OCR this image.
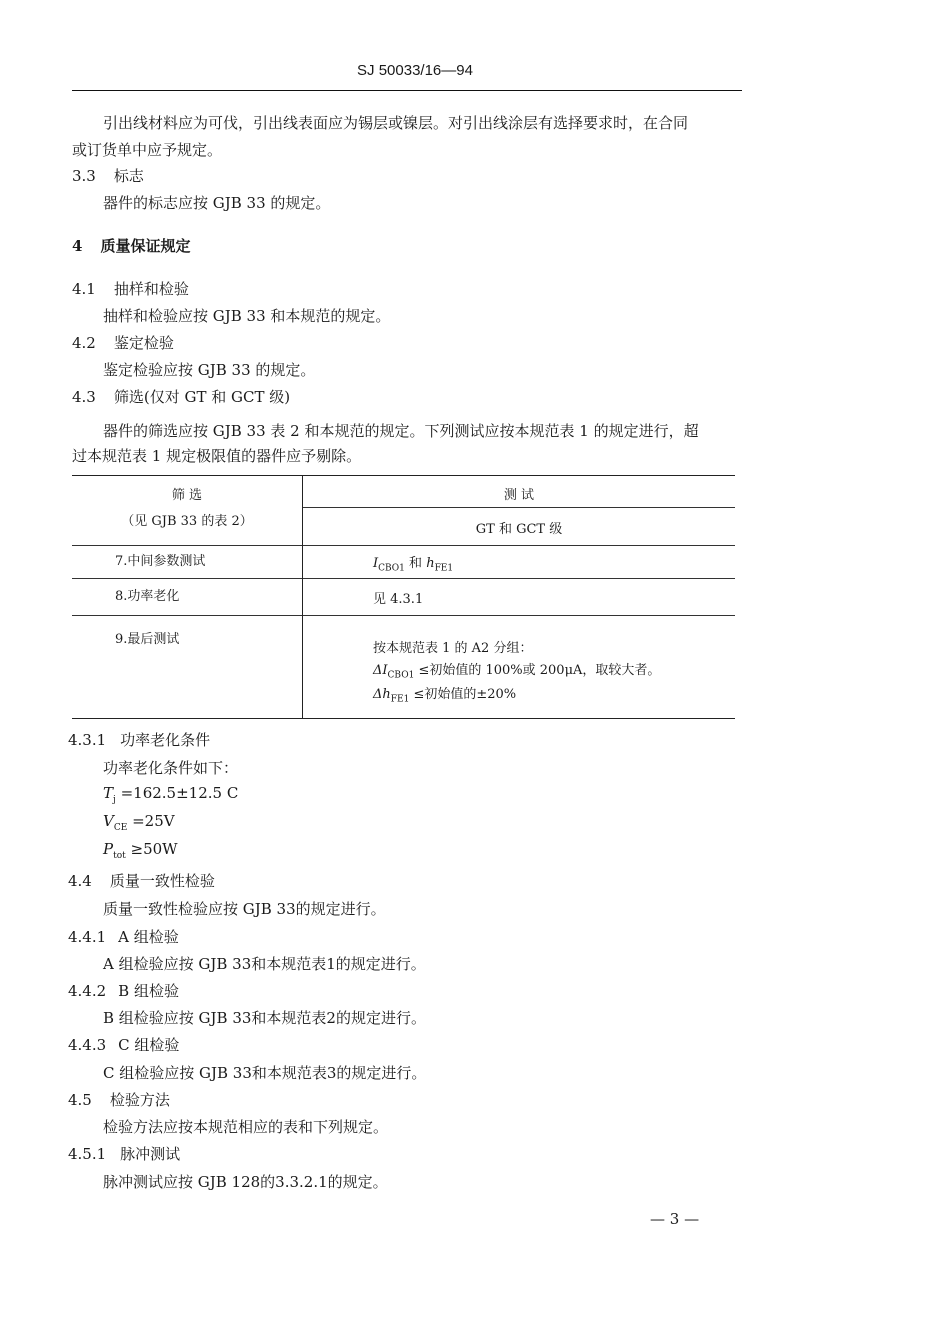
SJ 50033/16—94
引出线材料应为可伐，引出线表面应为锡层或镍层。对引出线涂层有选择要求时，在合同
或订货单中应予规定。
3.3 标志
器件的标志应按 GJB 33 的规定。
4 质量保证规定
4.1 抽样和检验
抽样和检验应按 GJB 33 和本规范的规定。
4.2 鉴定检验
鉴定检验应按 GJB 33 的规定。
4.3 筛选(仅对 GT 和 GCT 级)
器件的筛选应按 GJB 33 表 2 和本规范的规定。下列测试应按本规范表 1 的规定进行，超
过本规范表 1 规定极限值的器件应予剔除。
筛 选
（见 GJB 33 的表 2）
测 试
GT 和 GCT 级
7.中间参数测试	$I_{CBO1}$ 和 $h_{FE1}$
8.功率老化	见 4.3.1
9.最后测试
按本规范表 1 的 A2 分组：
$\Delta I_{CBO1}$ ≤初始值的 100%或 200μA，取较大者。
$\Delta h_{FE1}$ ≤初始值的±20%
4.3.1 功率老化条件
功率老化条件如下：
$T_j =162.5\pm 12.5$ C
$V_{CE} =25V$
$P_{tot} \ge 50W$
4.4 质量一致性检验
质量一致性检验应按 GJB 33的规定进行。
4.4.1 A 组检验
A 组检验应按 GJB 33和本规范表1的规定进行。
4.4.2 B 组检验
B 组检验应按 GJB 33和本规范表2的规定进行。
4.4.3 C 组检验
C 组检验应按 GJB 33和本规范表3的规定进行。
4.5 检验方法
检验方法应按本规范相应的表和下列规定。
4.5.1 脉冲测试
脉冲测试应按 GJB 128的3.3.2.1的规定。
— 3 —
